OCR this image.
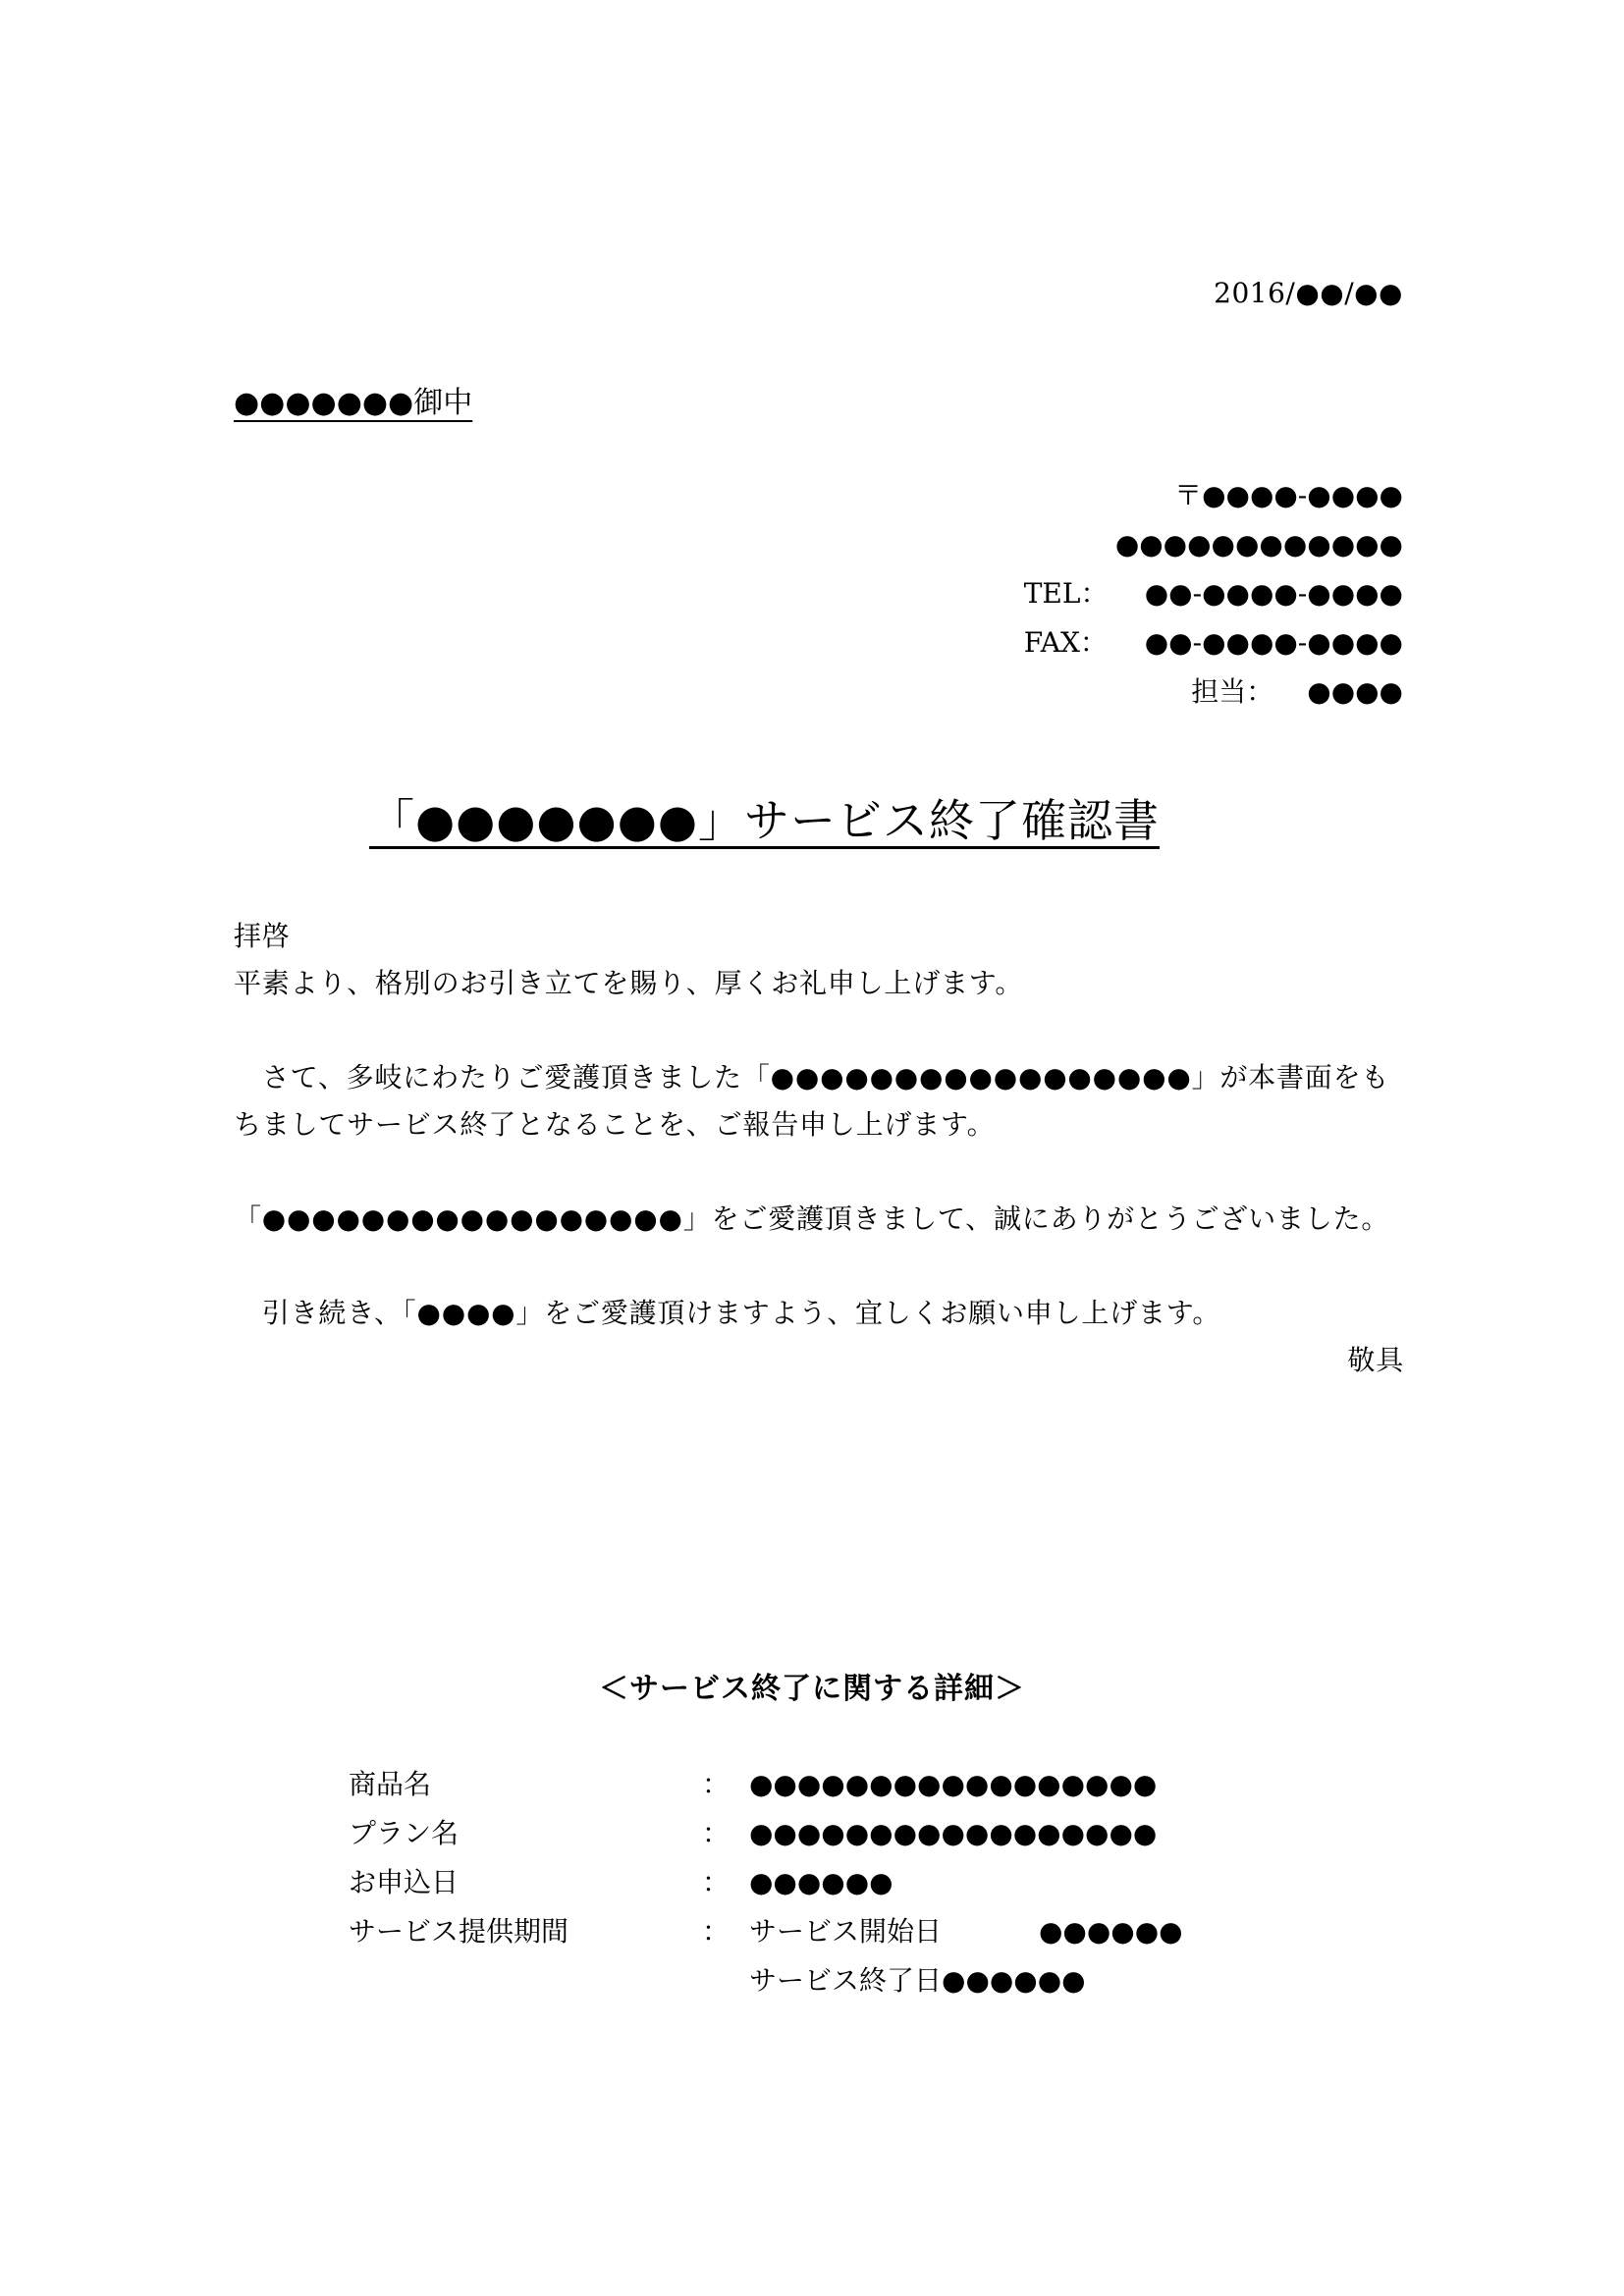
2016/●●/●●
●●●●●●●御中
〒●●●●-●●●●
●●●●●●●●●●●●
TEL：	●●-●●●●-●●●●
FAX：	●●-●●●●-●●●●
担当：	●●●●
「●●●●●●●」サービス終了確認書

拝啓

平素より、格別のお引き立てを賜り、厚くお礼申し上げます。

　さて、多岐にわたりご愛護頂きました「●●●●●●●●●●●●●●●●●」が本書面をもちましてサービス終了となることを、ご報告申し上げます。

「●●●●●●●●●●●●●●●●●」をご愛護頂きまして、誠にありがとうございました。

　引き続き、「●●●●」をご愛護頂けますよう、宜しくお願い申し上げます。

敬具

＜サービス終了に関する詳細＞
商品名	： ●●●●●●●●●●●●●●●●●
プラン名	： ●●●●●●●●●●●●●●●●●
お申込日	： ●●●●●●
サービス提供期間	： サービス開始日	●●●●●●
サービス終了日●●●●●●
